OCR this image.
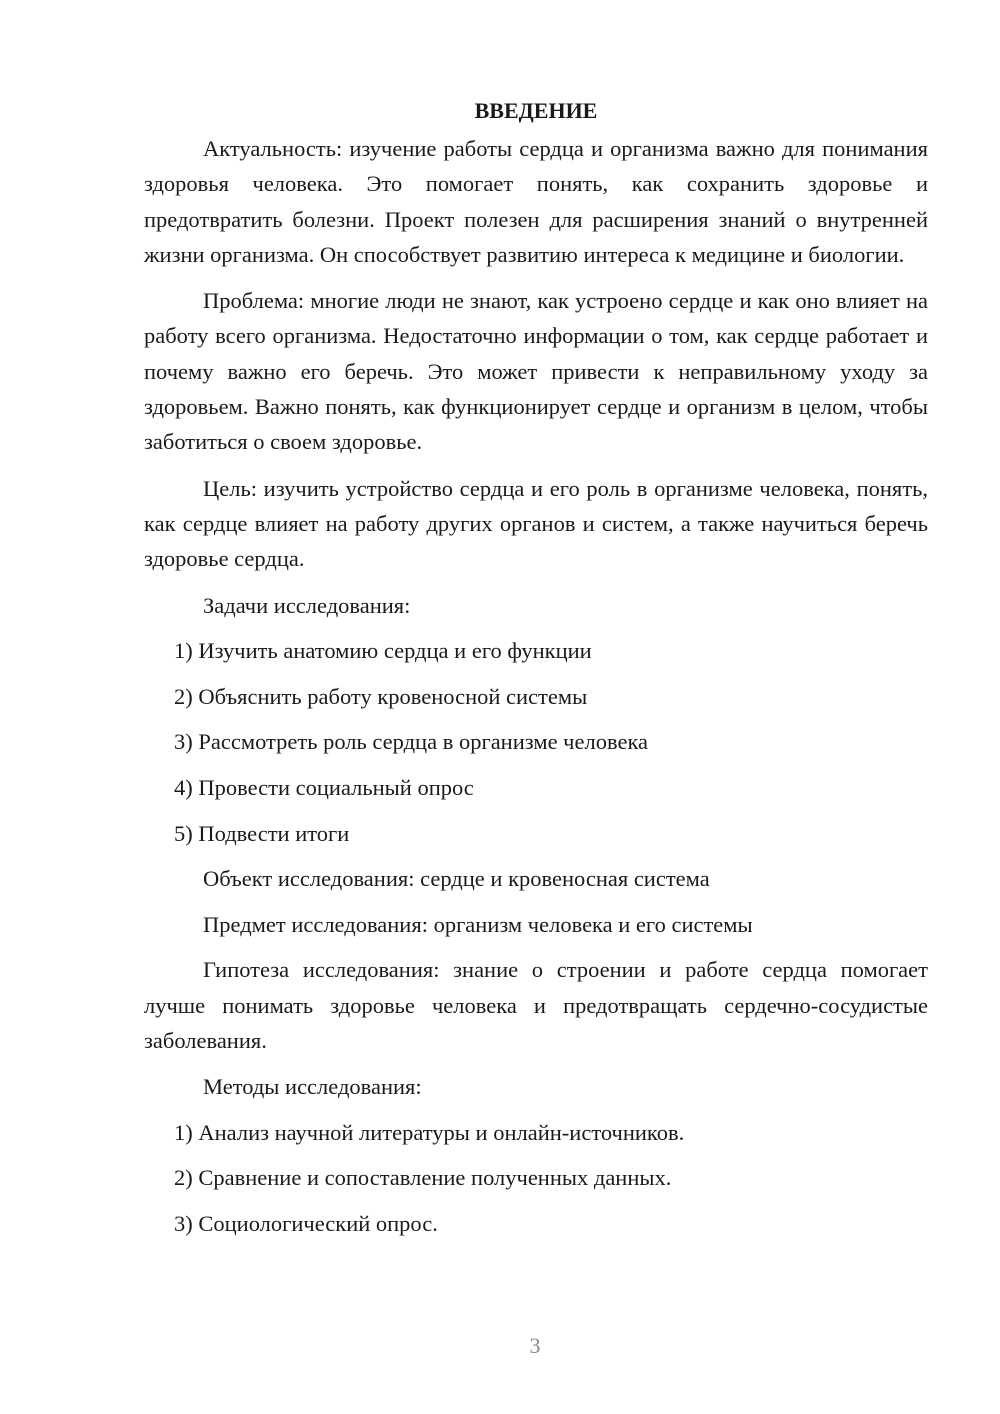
ВВЕДЕНИЕ

Актуальность: изучение работы сердца и организма важно для понимания здоровья человека. Это помогает понять, как сохранить здоровье и предотвратить болезни. Проект полезен для расширения знаний о внутренней жизни организма. Он способствует развитию интереса к медицине и биологии.

Проблема: многие люди не знают, как устроено сердце и как оно влияет на работу всего организма. Недостаточно информации о том, как сердце работает и почему важно его беречь. Это может привести к неправильному уходу за здоровьем. Важно понять, как функционирует сердце и организм в целом, чтобы заботиться о своем здоровье.

Цель: изучить устройство сердца и его роль в организме человека, понять, как сердце влияет на работу других органов и систем, а также научиться беречь здоровье сердца.

Задачи исследования:
1) Изучить анатомию сердца и его функции
2) Объяснить работу кровеносной системы
3) Рассмотреть роль сердца в организме человека
4) Провести социальный опрос
5) Подвести итоги
Объект исследования: сердце и кровеносная система
Предмет исследования: организм человека и его системы

Гипотеза исследования: знание о строении и работе сердца помогает лучше понимать здоровье человека и предотвращать сердечно-сосудистые заболевания.

Методы исследования:
1) Анализ научной литературы и онлайн-источников.
2) Сравнение и сопоставление полученных данных.
3) Социологический опрос.
3
